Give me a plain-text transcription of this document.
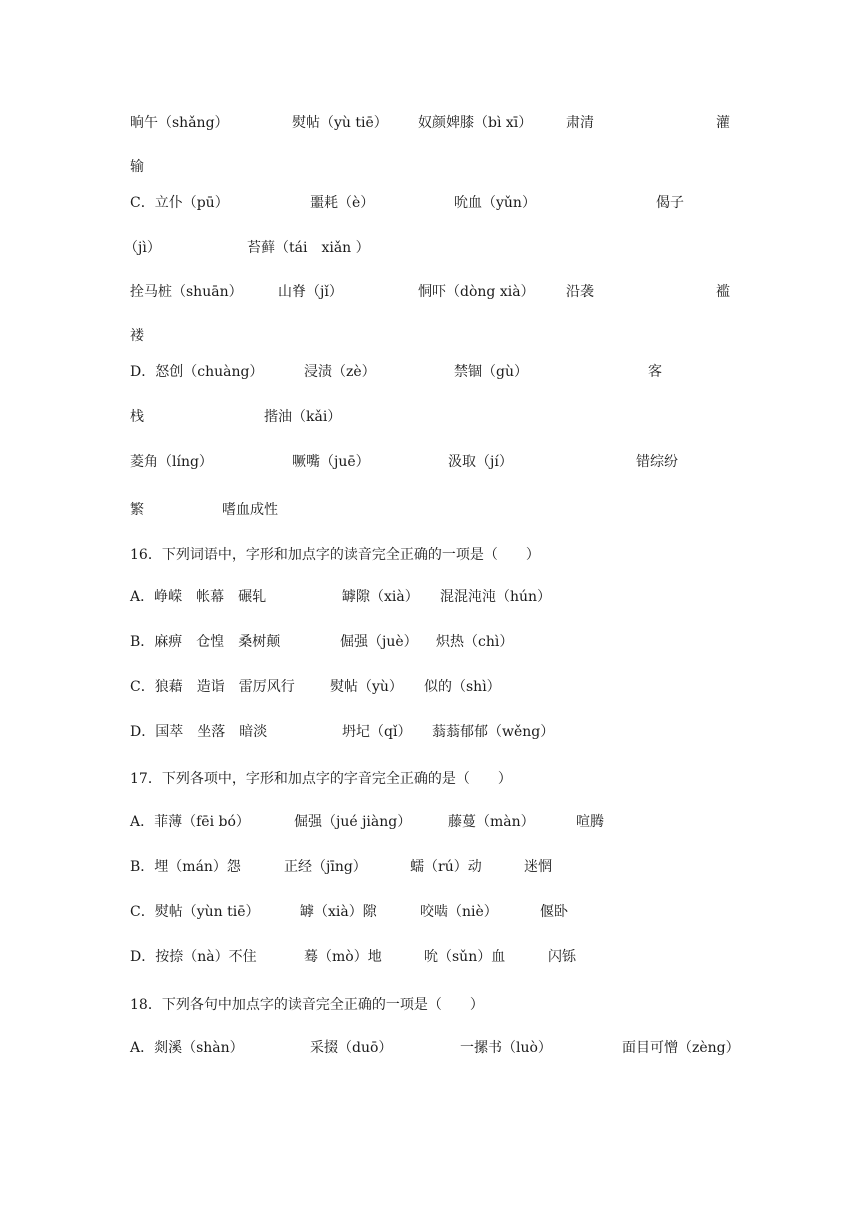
晌午（shǎng）	熨帖（yù tiē） 奴颜婢膝（bì xī） 肃清	灌
输
C．立仆（pū）	噩耗（è）	吮血（yǔn）	偈子
（jì）	苔藓（tái　xiǎn ）
拴马桩（shuān）	山脊（jǐ）	恫吓（dòng xià） 沿袭	褴
褛
D．怒创（chuàng）	浸渍（zè）	禁锢（gù）	客
栈	揩油（kǎi）
菱角（líng）	噘嘴（juē）	汲取（jí）	错综纷
繁	嗜血成性
16．下列词语中，字形和加点字的读音完全正确的一项是（　　）
A．峥嵘　帐幕　碾轧	罅隙（xià） 混混沌沌（hún）
B．麻痹　仓惶　桑树颠	倔强（juè） 炽热（chì）
C．狼藉　造诣　雷厉风行	熨帖（yù） 似的（shì）
D．国萃　坐落　暗淡	坍圮（qǐ） 蓊蓊郁郁（wěng）
17．下列各项中，字形和加点字的字音完全正确的是（　　）
A．菲薄（fēi bó）	倔强（jué jiàng）	藤蔓（màn）	喧腾
B．埋（mán）怨	正经（jīng）	蠕（rú）动	迷惘
C．熨帖（yùn tiē）	罅（xià）隙	咬啮（niè）	偃卧
D．按捺（nà）不住	蓦（mò）地	吮（sǔn）血	闪铄
18．下列各句中加点字的读音完全正确的一项是（　　）
A．剡溪（shàn）	采掇（duō）	一摞书（luò）	面目可憎（zèng）
